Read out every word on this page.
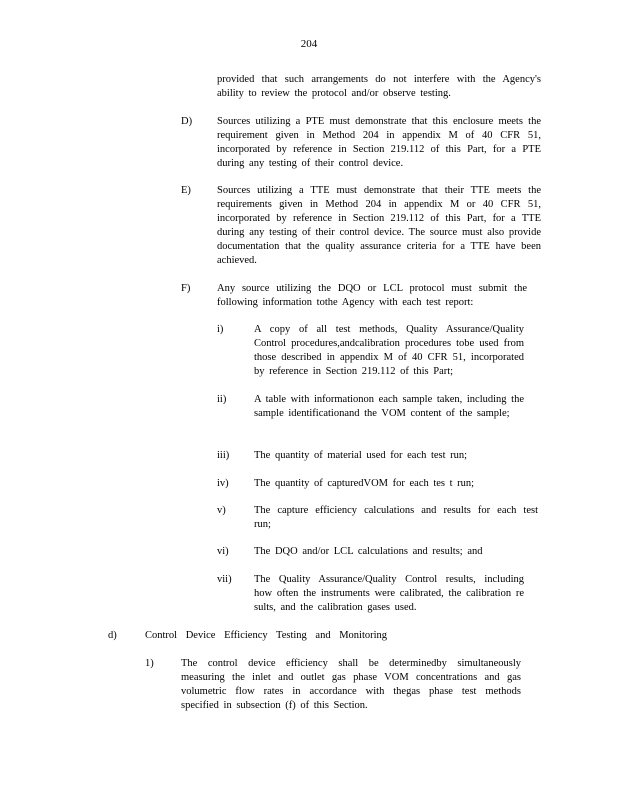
204
provided that such arrangements do not interfere with the Agency's ability to review the protocol and/or observe testing.
D) Sources utilizing a PTE must demonstrate that this enclosure meets the requirement given in Method 204 in appendix M of 40 CFR 51, incorporated by reference in Section 219.112 of this Part, for a PTE during any testing of their control device.
E) Sources utilizing a TTE must demonstrate that their TTE meets the requirements given in Method 204 in appendix M or 40 CFR 51, incorporated by reference in Section 219.112 of this Part, for a TTE during any testing of their control device. The source must also provide documentation that the quality assurance criteria for a TTE have been achieved.
F)	Any source utilizing the DQO or LCL protocol must submit the following information tothe Agency with each test report:
i)	A copy of all test methods, Quality Assurance/Quality Control procedures,andcalibration procedures tobe used from those described in appendix M of 40 CFR 51, incorporated by reference in Section 219.112 of this Part;
ii)	A table with informationon each sample taken, including the sample identificationand the VOM content of the sample;
iii) The quantity of material used for each test run;
iv) The quantity of capturedVOM for each tes t run;
v)	The capture efficiency calculations and results for each test run;
vi) The DQO and/or LCL calculations and results; and
vii) The Quality Assurance/Quality Control results, including how often the instruments were calibrated, the calibration re sults, and the calibration gases used.
d)	Control Device Efficiency Testing and Monitoring
1)	The control device efficiency shall be determinedby simultaneously measuring the inlet and outlet gas phase VOM concentrations and gas volumetric flow rates in accordance with thegas phase test methods specified in subsection (f) of this Section.
